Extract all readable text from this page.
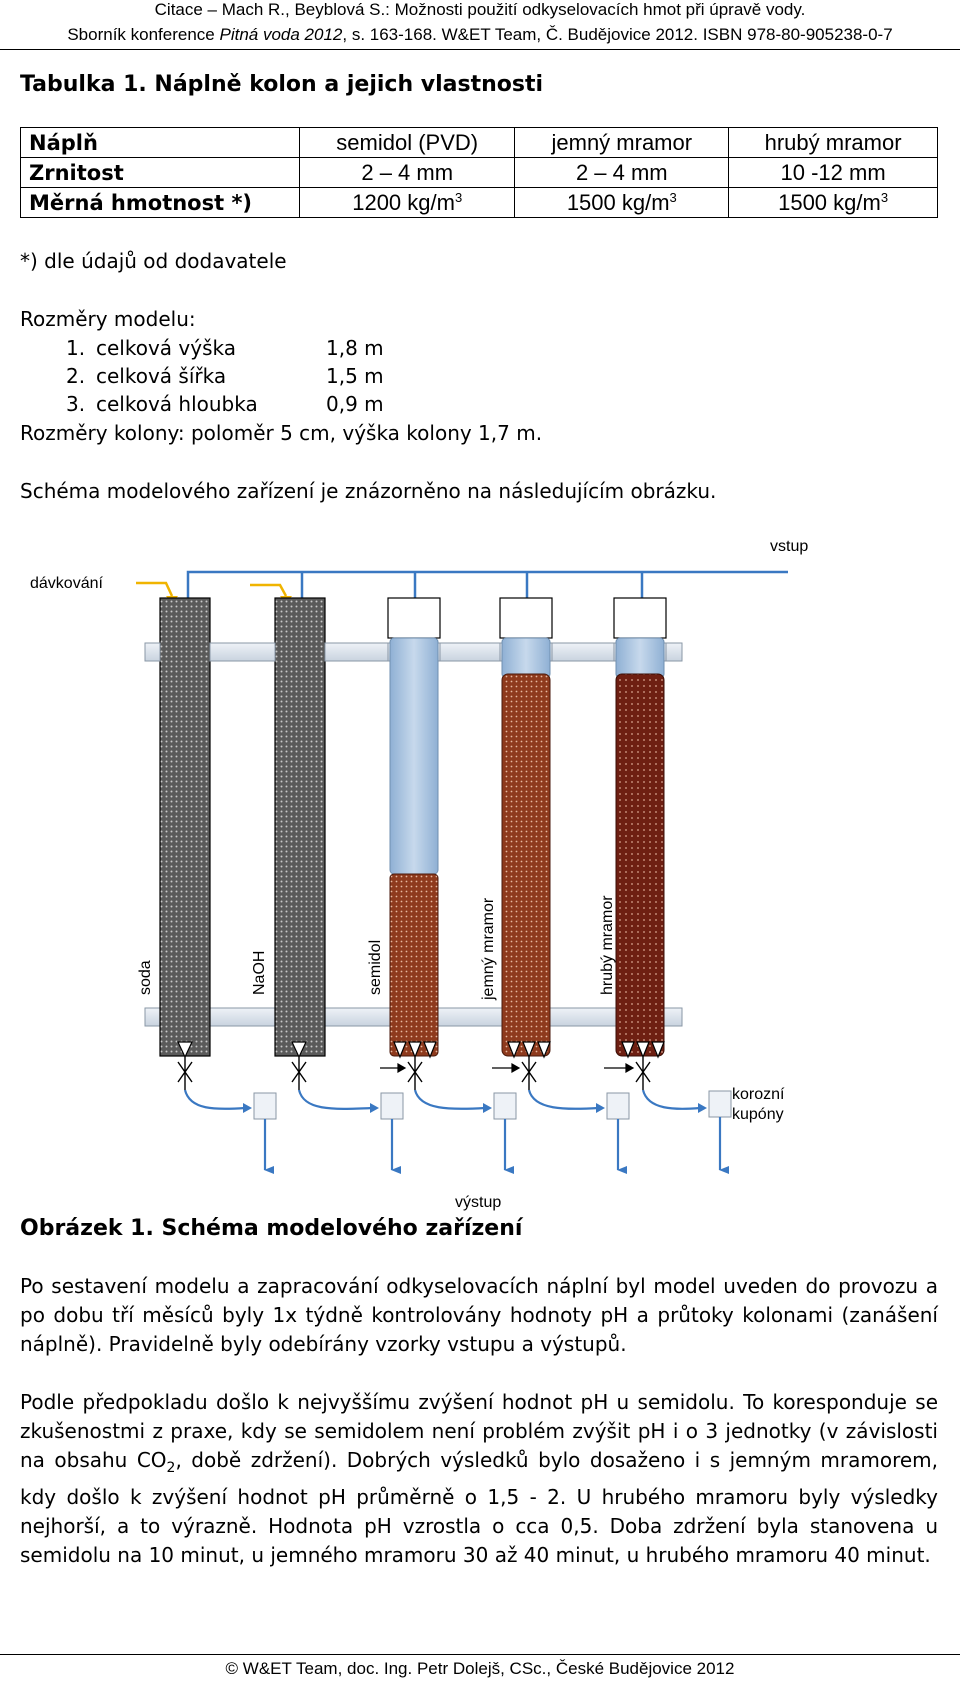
Citace – Mach R., Beyblová S.: Možnosti použití odkyselovacích hmot při úpravě vody.
Sborník konference Pitná voda 2012, s. 163-168. W&ET Team, Č. Budějovice 2012. ISBN 978-80-905238-0-7
Tabulka 1. Náplně kolon a jejich vlastnosti
Náplň	semidol (PVD)	jemný mramor	hrubý mramor
Zrnitost	2 – 4 mm	2 – 4 mm	10 -12 mm
Měrná hmotnost *)	1200 $kg/m^3$	1500 $kg/m^3$	1500 $kg/m^3$
*) dle údajů od dodavatele
Rozměry modelu:
1. celková výška	1,8 m
2. celková šířka	1,5 m
3. celková hloubka	0,9 m
Rozměry kolony: poloměr 5 cm, výška kolony 1,7 m.
Schéma modelového zařízení je znázorněno na následujícím obrázku.
vstup
dávkování
korozní
kupóny
výstup
soda	NaOH	semidol	jemný mramor	hrubý mramor
Obrázek 1. Schéma modelového zařízení
Po sestavení modelu a zapracování odkyselovacích náplní byl model uveden do provozu a po dobu tří měsíců byly 1x týdně kontrolovány hodnoty pH a průtoky kolonami (zanášení náplně). Pravidelně byly odebírány vzorky vstupu a výstupů.
Podle předpokladu došlo k nejvyššímu zvýšení hodnot pH u semidolu. To koresponduje se zkušenostmi z praxe, kdy se semidolem není problém zvýšit pH i o 3 jednotky (v závislosti na obsahu $CO_2$, době zdržení). Dobrých výsledků bylo dosaženo i s jemným mramorem, kdy došlo k zvýšení hodnot pH průměrně o 1,5 - 2. U hrubého mramoru byly výsledky nejhorší, a to výrazně. Hodnota pH vzrostla o cca 0,5. Doba zdržení byla stanovena u semidolu na 10 minut, u jemného mramoru 30 až 40 minut, u hrubého mramoru 40 minut.
© W&ET Team, doc. Ing. Petr Dolejš, CSc., České Budějovice 2012
